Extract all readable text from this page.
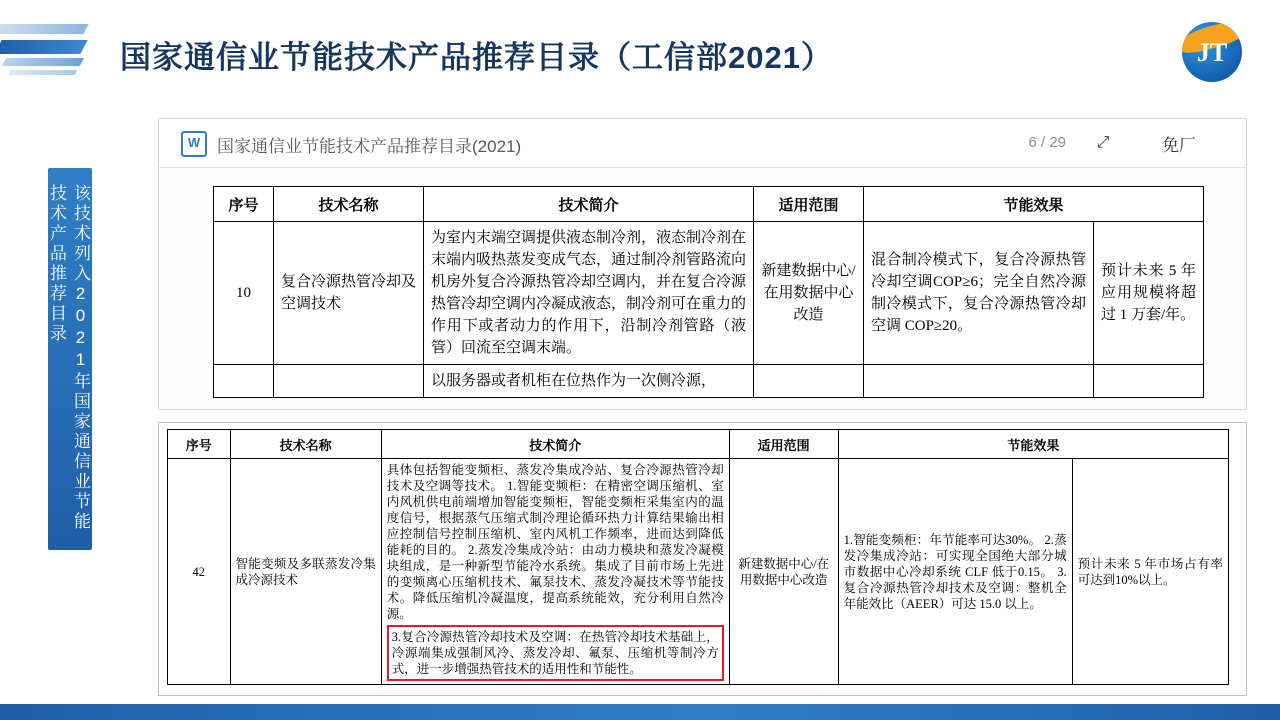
国家通信业节能技术产品推荐目录（工信部2021）	JT
该技术列入2021年国家通信业节能技术产品推荐目录
W 国家通信业节能技术产品推荐目录(2021)	6 / 29	⤢	免厂
序号	技术名称	技术简介	适用范围	节能效果	
10	复合冷源热管冷却及空调技术	为室内末端空调提供液态制冷剂，液态制冷剂在末端内吸热蒸发变成气态，通过制冷剂管路流向机房外复合冷源热管冷却空调内，并在复合冷源热管冷却空调内冷凝成液态，制冷剂可在重力的作用下或者动力的作用下，沿制冷剂管路（液管）回流至空调末端。	新建数据中心/在用数据中心改造	混合制冷模式下，复合冷源热管冷却空调COP≥6；完全自然冷源制冷模式下，复合冷源热管冷却空调 COP≥20。	预计未来 5 年应用规模将超过 1 万套/年。
		以服务器或者机柜在位热作为一次侧冷源，			
序号	技术名称	技术简介	适用范围	节能效果	
42	智能变频及多联蒸发冷集成冷源技术	具体包括智能变频柜、蒸发冷集成冷站、复合冷源热管冷却技术及空调等技术。 1.智能变频柜：在精密空调压缩机、室内风机供电前端增加智能变频柜，智能变频柜采集室内的温度信号，根据蒸气压缩式制冷理论循环热力计算结果输出相应控制信号控制压缩机、室内风机工作频率，进而达到降低能耗的目的。 2.蒸发冷集成冷站：由动力模块和蒸发冷凝模块组成，是一种新型节能冷水系统。集成了目前市场上先进的变频离心压缩机技术、氟泵技术、蒸发冷凝技术等节能技术。降低压缩机冷凝温度，提高系统能效，充分利用自然冷源。

3.复合冷源热管冷却技术及空调：在热管冷却技术基础上，冷源端集成强制风冷、蒸发冷却、氟泵、压缩机等制冷方式，进一步增强热管技术的适用性和节能性。	新建数据中心/在用数据中心改造	1.智能变频柜：年节能率可达30%。 2.蒸发冷集成冷站：可实现全国绝大部分城市数据中心冷却系统 CLF 低于0.15。 3.复合冷源热管冷却技术及空调：整机全年能效比（AEER）可达 15.0 以上。	预计未来 5 年市场占有率可达到10%以上。
